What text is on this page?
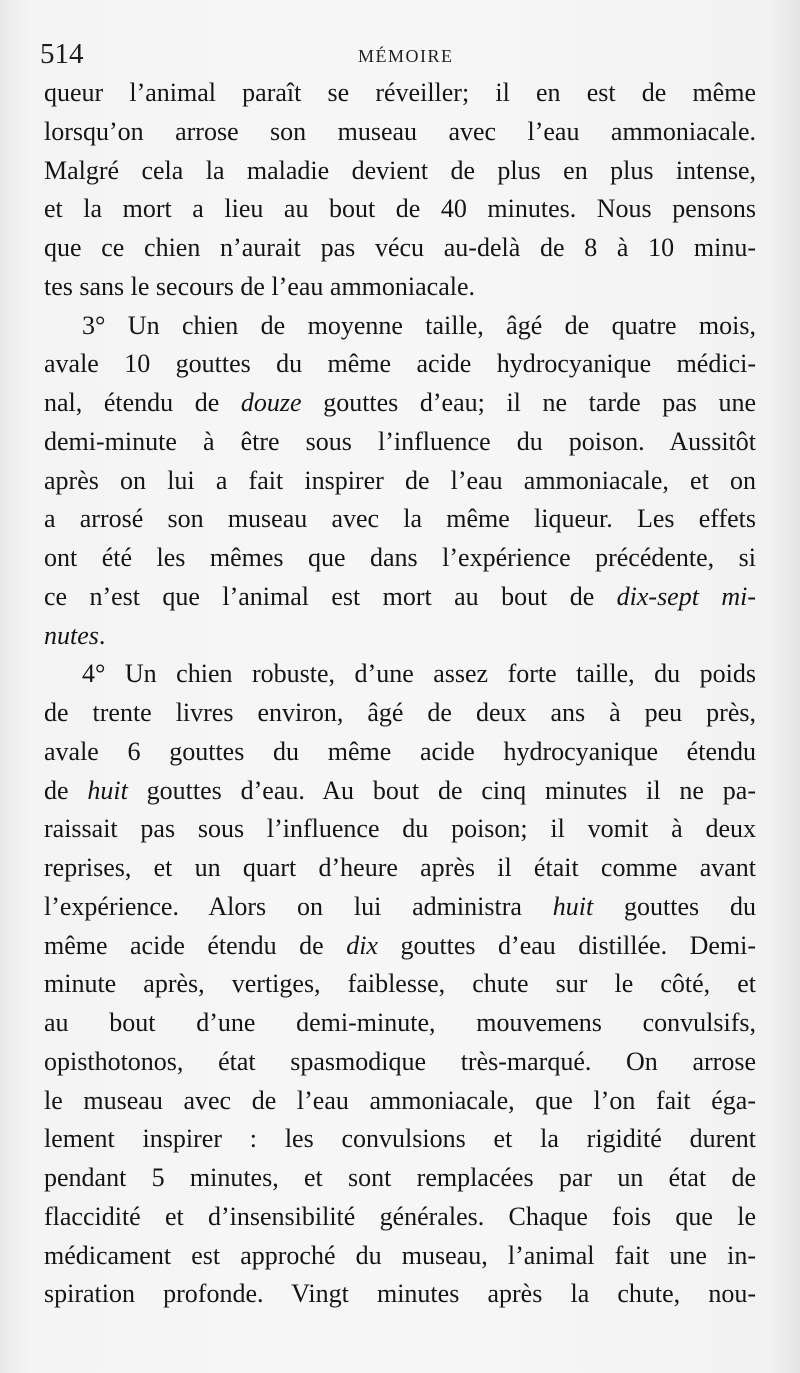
514	MÉMOIRE
queur l’animal paraît se réveiller; il en est de même
lorsqu’on arrose son museau avec l’eau ammoniacale.
Malgré cela la maladie devient de plus en plus intense,
et la mort a lieu au bout de 40 minutes. Nous pensons
que ce chien n’aurait pas vécu au-delà de 8 à 10 minu-
tes sans le secours de l’eau ammoniacale.
3° Un chien de moyenne taille, âgé de quatre mois,
avale 10 gouttes du même acide hydrocyanique médici-
nal, étendu de douze gouttes d’eau; il ne tarde pas une
demi-minute à être sous l’influence du poison. Aussitôt
après on lui a fait inspirer de l’eau ammoniacale, et on
a arrosé son museau avec la même liqueur. Les effets
ont été les mêmes que dans l’expérience précédente, si
ce n’est que l’animal est mort au bout de dix-sept mi-
nutes.
4° Un chien robuste, d’une assez forte taille, du poids
de trente livres environ, âgé de deux ans à peu près,
avale 6 gouttes du même acide hydrocyanique étendu
de huit gouttes d’eau. Au bout de cinq minutes il ne pa-
raissait pas sous l’influence du poison; il vomit à deux
reprises, et un quart d’heure après il était comme avant
l’expérience. Alors on lui administra huit gouttes du
même acide étendu de dix gouttes d’eau distillée. Demi-
minute après, vertiges, faiblesse, chute sur le côté, et
au bout d’une demi-minute, mouvemens convulsifs,
opisthotonos, état spasmodique très-marqué. On arrose
le museau avec de l’eau ammoniacale, que l’on fait éga-
lement inspirer : les convulsions et la rigidité durent
pendant 5 minutes, et sont remplacées par un état de
flaccidité et d’insensibilité générales. Chaque fois que le
médicament est approché du museau, l’animal fait une in-
spiration profonde. Vingt minutes après la chute, nou-
